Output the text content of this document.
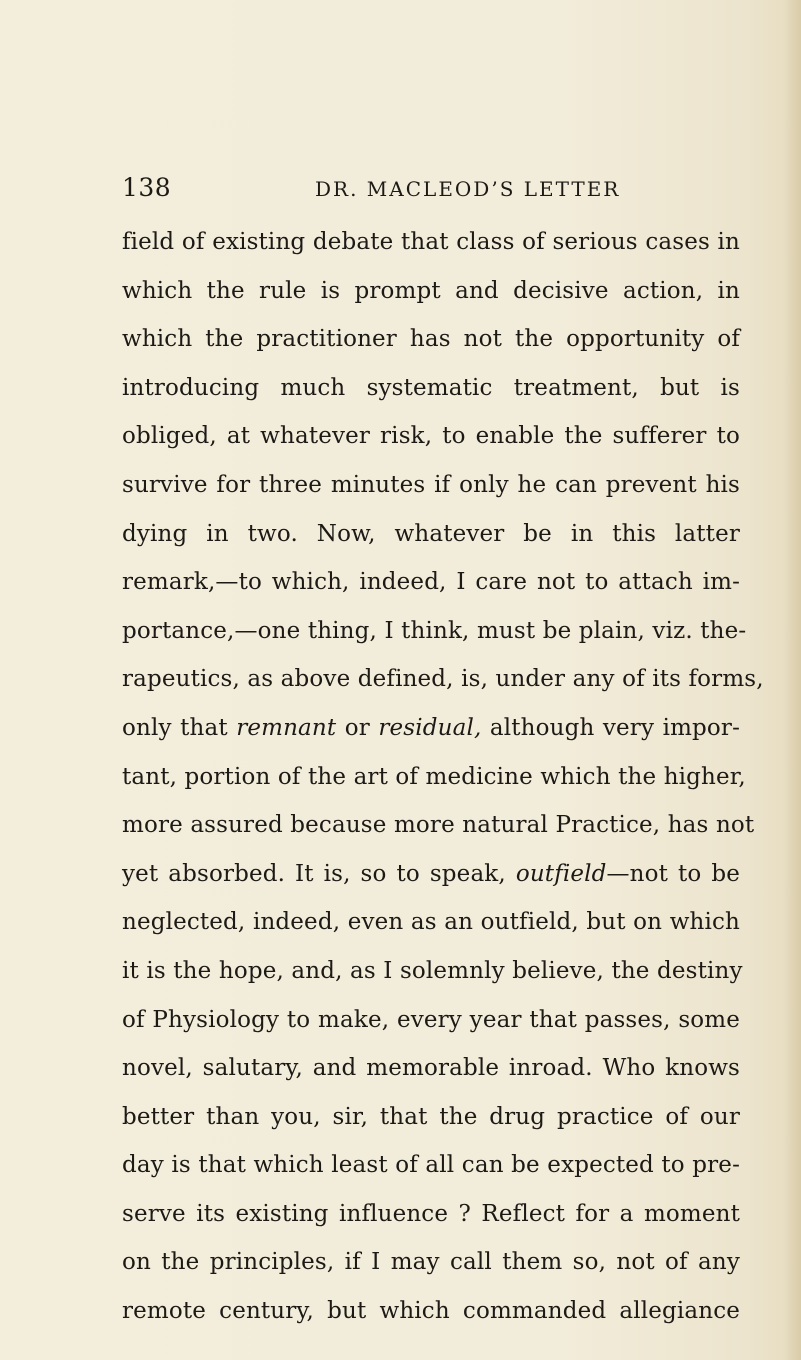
138	DR. MACLEOD’S LETTER
field of existing debate that class of serious cases in
which the rule is prompt and decisive action, in
which the practitioner has not the opportunity of
introducing much systematic treatment, but is
obliged, at whatever risk, to enable the sufferer to
survive for three minutes if only he can prevent his
dying in two. Now, whatever be in this latter
remark,—to which, indeed, I care not to attach im-
portance,—one thing, I think, must be plain, viz. the-
rapeutics, as above defined, is, under any of its forms,
only that remnant or residual, although very impor-
tant, portion of the art of medicine which the higher,
more assured because more natural Practice, has not
yet absorbed. It is, so to speak, outfield—not to be
neglected, indeed, even as an outfield, but on which
it is the hope, and, as I solemnly believe, the destiny
of Physiology to make, every year that passes, some
novel, salutary, and memorable inroad. Who knows
better than you, sir, that the drug practice of our
day is that which least of all can be expected to pre-
serve its existing influence ? Reflect for a moment
on the principles, if I may call them so, not of any
remote century, but which commanded allegiance
